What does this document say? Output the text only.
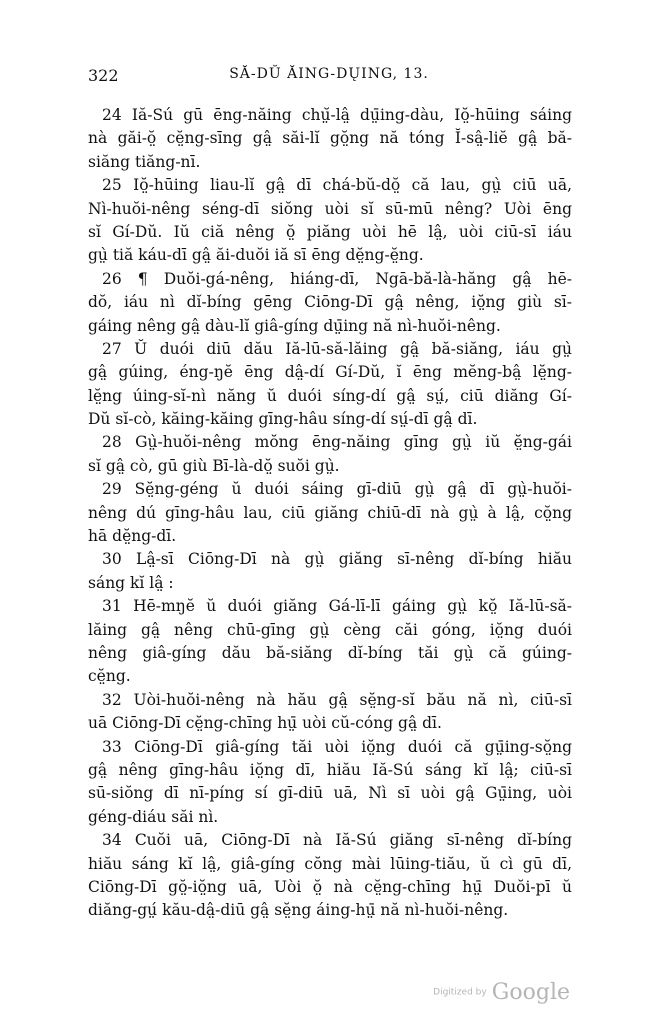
322	SĂ-DŬ ĂING-DŲING, 13.
24 Iă-Sú gū ēng-năing chṳ̆-lâ̤ dṳ̄ing-dàu, Iŏ̤-hūing sáing
nà găi-ŏ̤ cĕ̤ng-sīng gâ̤ săi-lĭ gŏ̤ng nă tóng Ĭ-sâ̤-liĕ gâ̤ bă-
siăng tiăng-nī.
25 Iŏ̤-hūing liau-lĭ gâ̤ dī chá-bŭ-dŏ̤ că lau, gṳ̀ ciū uā,
Nì-huŏi-nêng séng-dī siŏng uòi sĭ sū-mū nêng? Uòi ēng
sĭ Gí-Dŭ. Iŭ ciă nêng ŏ̤ piăng uòi hē lâ̤, uòi ciū-sī iáu
gṳ̀ tiă káu-dī gâ̤ ăi-duŏi iă sī ēng dĕ̤ng-ĕ̤ng.
26 ¶ Duŏi-gá-nêng, hiáng-dī, Ngā-bă-là-hăng gâ̤ hē-
dŏ, iáu nì dĭ-bíng gēng Ciōng-Dī gâ̤ nêng, iŏ̤ng giù sī-
gáing nêng gâ̤ dàu-lĭ giâ-gíng dṳ̄ing nă nì-huŏi-nêng.
27 Ŭ duói diū dău Iă-lū-să-lăing gâ̤ bă-siăng, iáu gṳ̀
gâ̤ gúing, éng-ŋĕ ēng dâ̤-dí Gí-Dŭ, ĭ ēng mĕng-bâ̤ lĕ̤ng-
lĕ̤ng úing-sĭ-nì năng ŭ duói síng-dí gâ̤ sṳ́, ciū diăng Gí-
Dŭ sĭ-cò, kăing-kăing gīng-hâu síng-dí sṳ́-dī gâ̤ dī.
28 Gṳ̀-huŏi-nêng mŏng ēng-năing gīng gṳ̀ iŭ ĕ̤ng-gái
sĭ gâ̤ cò, gū giù Bī-là-dŏ̤ suŏi gṳ̀.
29 Sĕ̤ng-géng ŭ duói sáing gī-diū gṳ̀ gâ̤ dī gṳ̀-huŏi-
nêng dú gīng-hâu lau, ciū giăng chiū-dī nà gṳ̀ à lâ̤, cŏ̤ng
hā dĕ̤ng-dī.
30 Lâ̤-sī Ciōng-Dī nà gṳ̀ giăng sī-nêng dĭ-bíng hiău
sáng kĭ lâ̤ :
31 Hē-mŋĕ ŭ duói giăng Gá-lī-lī gáing gṳ̀ kŏ̤ Iă-lū-să-
lăing gâ̤ nêng chū-gīng gṳ̀ cèng căi góng, iŏ̤ng duói
nêng giâ-gíng dău bă-siăng dĭ-bíng tăi gṳ̀ că gúing-
cĕ̤ng.
32 Uòi-huŏi-nêng nà hău gâ̤ sĕ̤ng-sĭ bău nă nì, ciū-sī
uā Ciōng-Dī cĕ̤ng-chīng hṳ̄ uòi cŭ-cóng gâ̤ dī.
33 Ciōng-Dī giâ-gíng tăi uòi iŏ̤ng duói că gṳ̄ing-sŏ̤ng
gâ̤ nêng gīng-hâu iŏ̤ng dī, hiău Iă-Sú sáng kĭ lâ̤; ciū-sī
sū-siŏng dī nī-píng sí gī-diū uā, Nì sī uòi gâ̤ Gṳ̄ing, uòi
géng-diáu săi nì.
34 Cuŏi uā, Ciōng-Dī nà Iă-Sú giăng sī-nêng dĭ-bíng
hiău sáng kĭ lâ̤, giâ-gíng cŏng mài lūing-tiău, ŭ cì gū dī,
Ciōng-Dī gŏ̤-iŏ̤ng uā, Uòi ŏ̤ nà cĕ̤ng-chīng hṳ̄ Duŏi-pī ŭ
diăng-gṳ́ kău-dâ̤-diū gâ̤ sĕ̤ng áing-hṳ̄ nă nì-huŏi-nêng.
Digitized by Google
